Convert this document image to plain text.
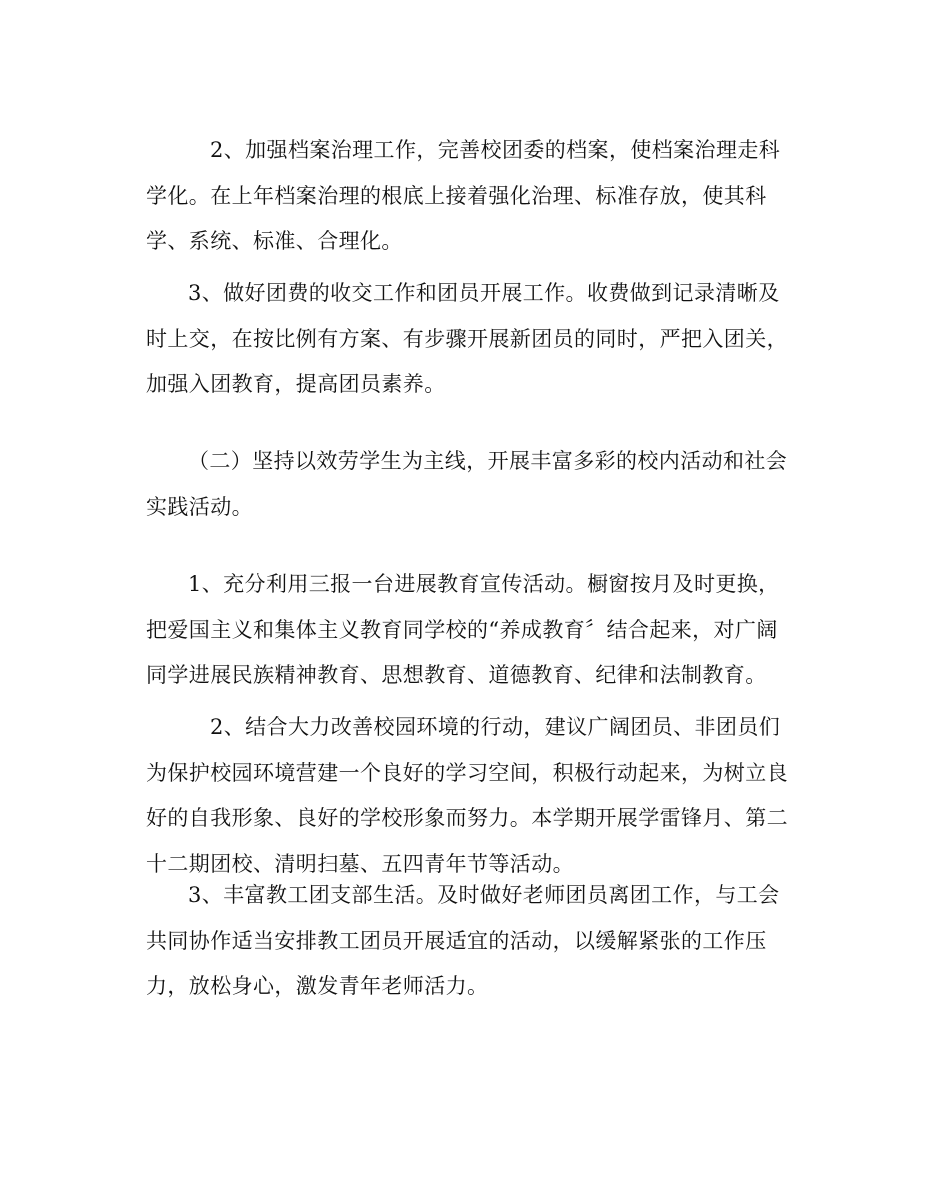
2、加强档案治理工作，完善校团委的档案，使档案治理走科
学化。在上年档案治理的根底上接着强化治理、标准存放，使其科
学、系统、标准、合理化。
3、做好团费的收交工作和团员开展工作。收费做到记录清晰及
时上交，在按比例有方案、有步骤开展新团员的同时，严把入团关，
加强入团教育，提高团员素养。
（二）坚持以效劳学生为主线，开展丰富多彩的校内活动和社会
实践活动。
1、充分利用三报一台进展教育宣传活动。橱窗按月及时更换，
把爱国主义和集体主义教育同学校的“养成教育〞结合起来，对广阔
同学进展民族精神教育、思想教育、道德教育、纪律和法制教育。
2、结合大力改善校园环境的行动，建议广阔团员、非团员们
为保护校园环境营建一个良好的学习空间，积极行动起来，为树立良
好的自我形象、良好的学校形象而努力。本学期开展学雷锋月、第二
十二期团校、清明扫墓、五四青年节等活动。
3、丰富教工团支部生活。及时做好老师团员离团工作，与工会
共同协作适当安排教工团员开展适宜的活动，以缓解紧张的工作压
力，放松身心，激发青年老师活力。
